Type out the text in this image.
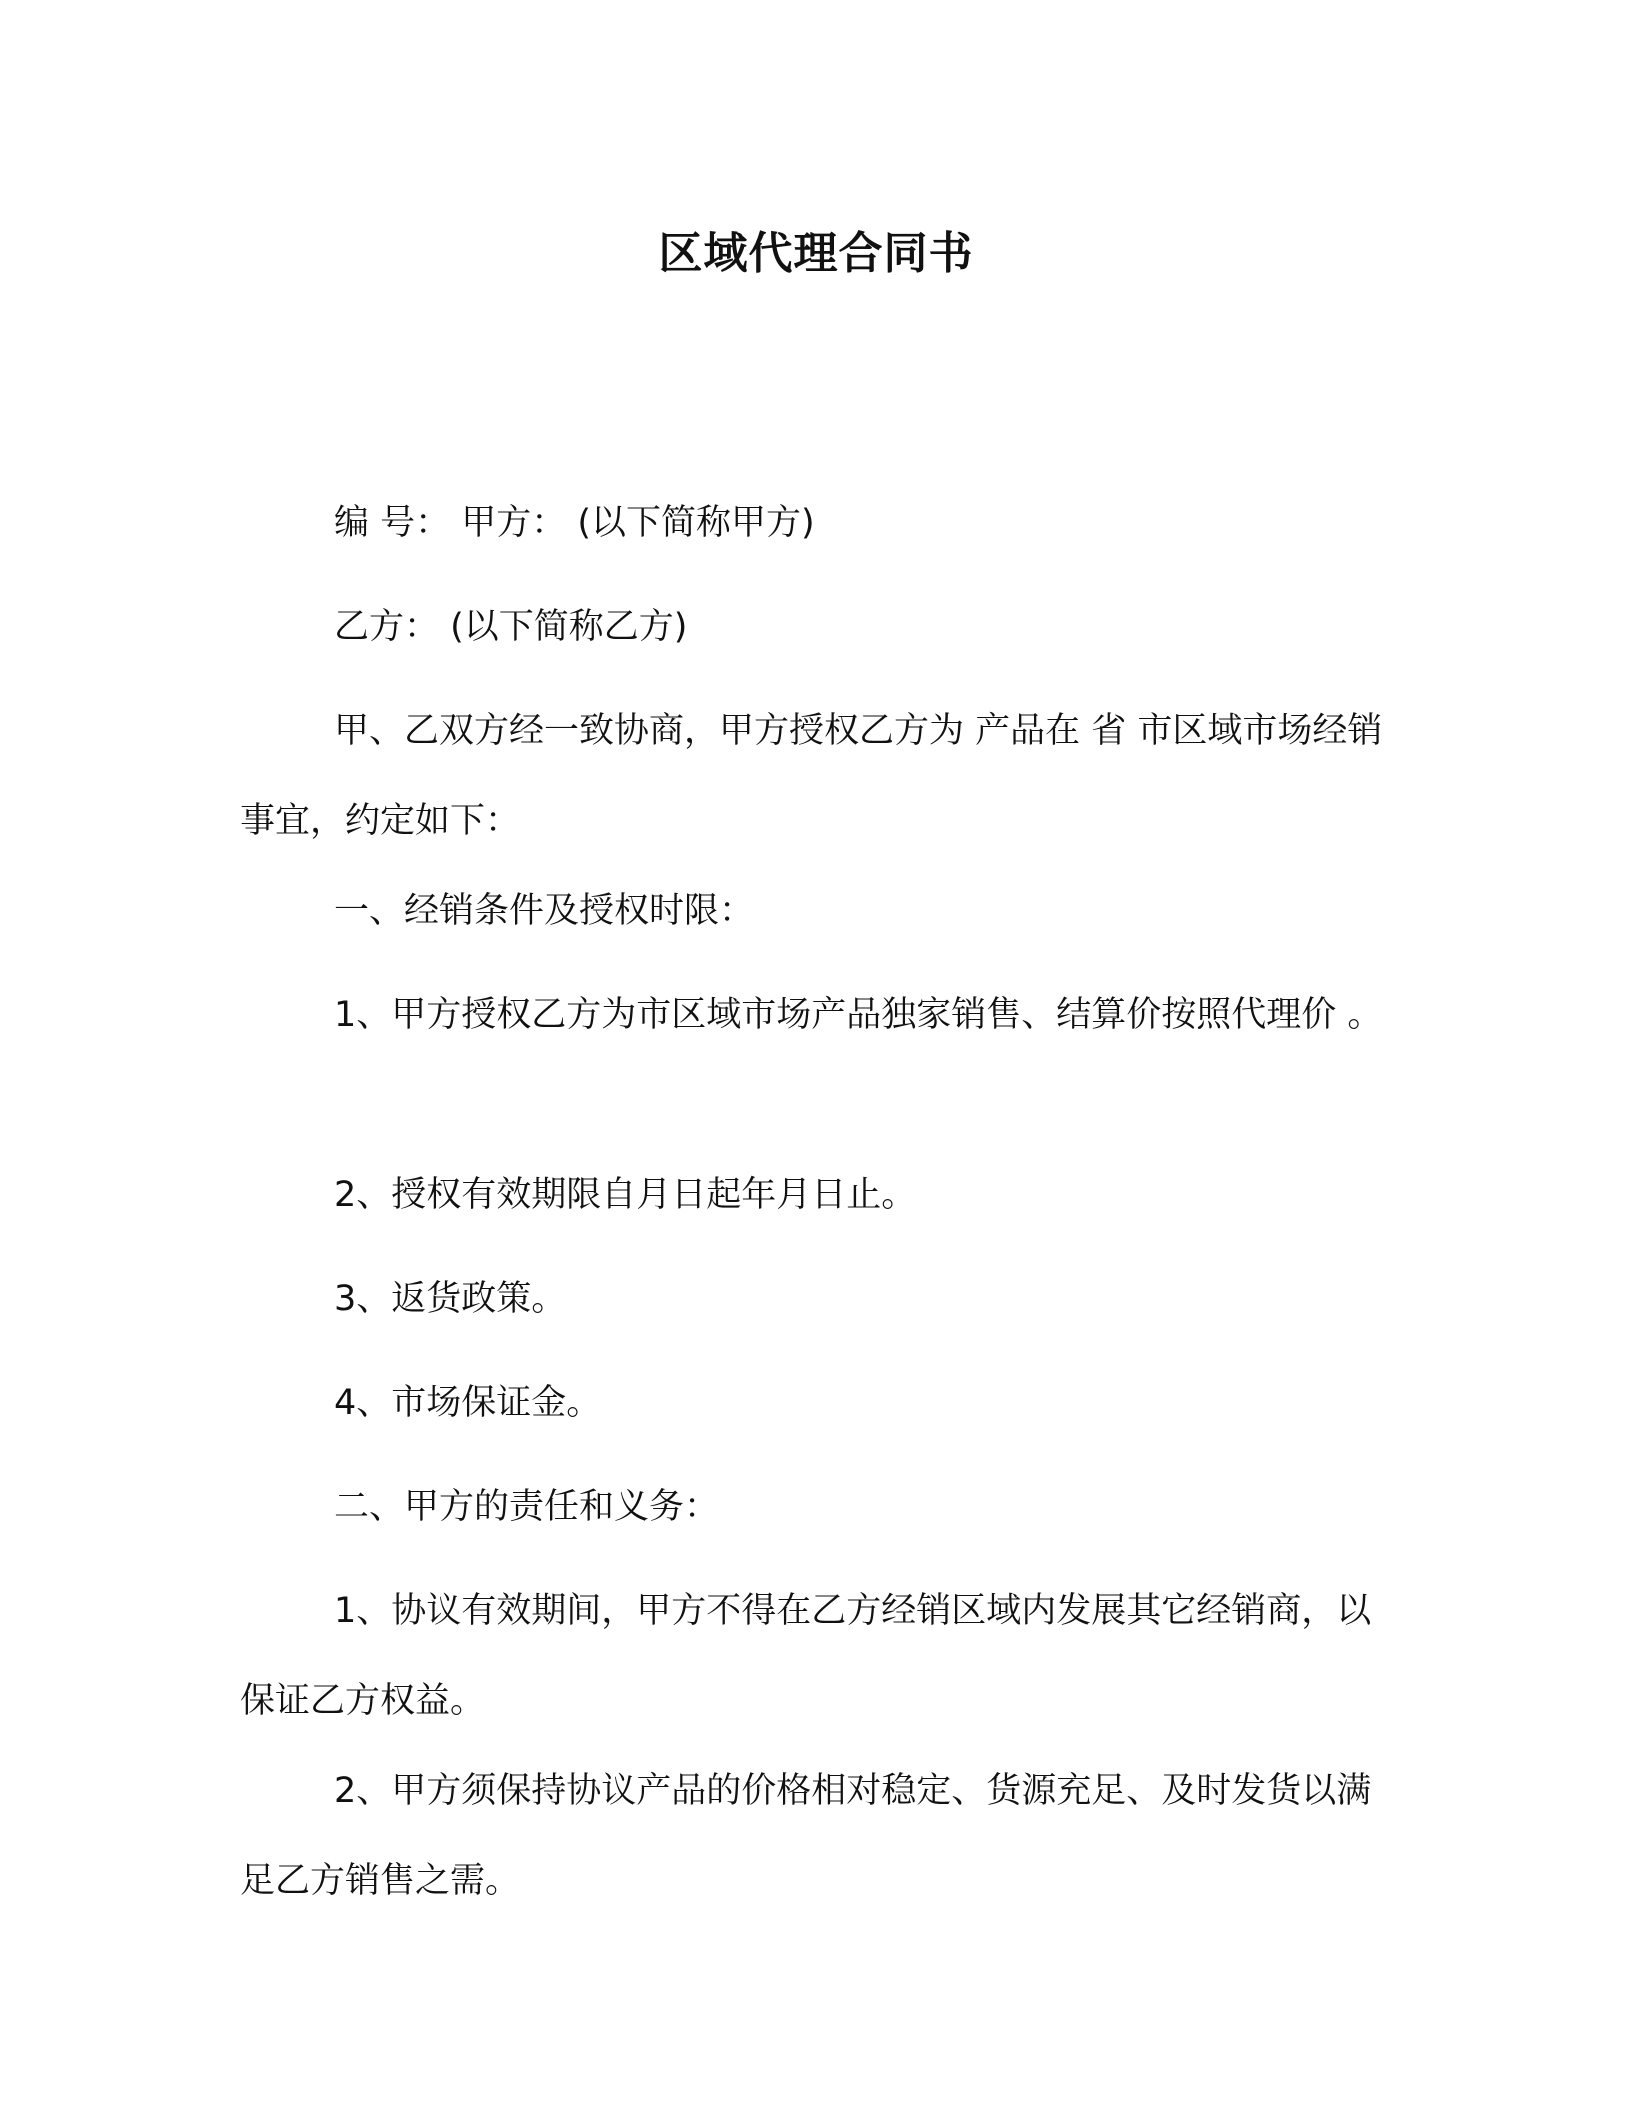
区域代理合同书

编 号： 甲方： (以下简称甲方)

乙方： (以下简称乙方)

甲、乙双方经一致协商，甲方授权乙方为 产品在 省 市区域市场经销事宜，约定如下：

一、经销条件及授权时限：

1、甲方授权乙方为市区域市场产品独家销售、结算价按照代理价 。

2、授权有效期限自月日起年月日止。

3、返货政策。

4、市场保证金。

二、甲方的责任和义务：

1、协议有效期间，甲方不得在乙方经销区域内发展其它经销商，以保证乙方权益。

2、甲方须保持协议产品的价格相对稳定、货源充足、及时发货以满足乙方销售之需。
